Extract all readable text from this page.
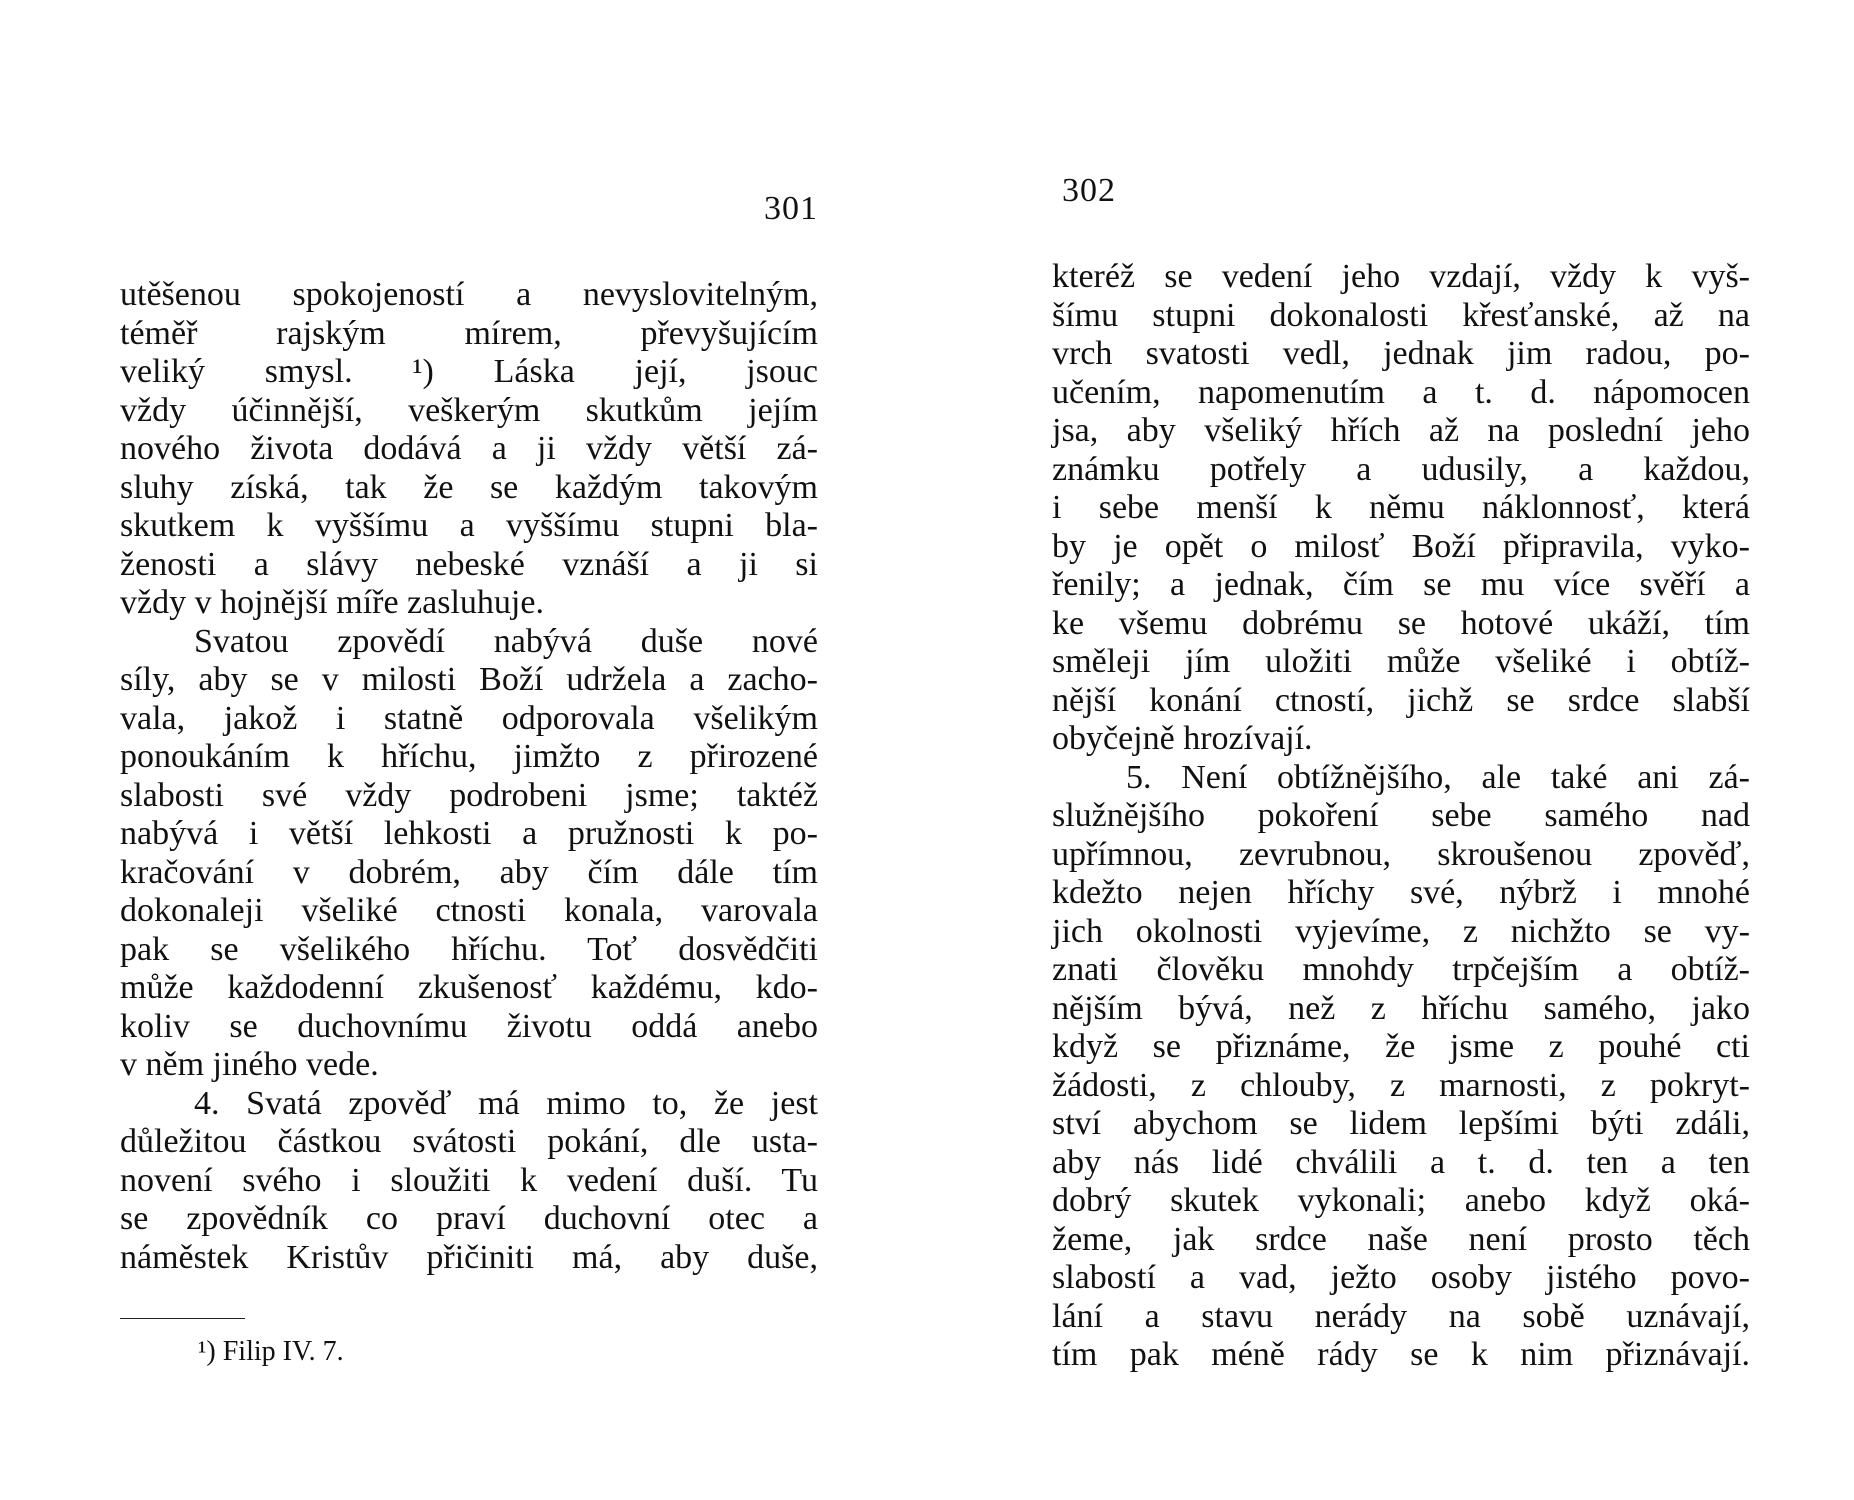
301
utěšenou spokojeností a nevyslovitelným,
téměř rajským mírem, převyšujícím
veliký smysl. ¹) Láska její, jsouc
vždy účinnější, veškerým skutkům jejím
nového života dodává a ji vždy větší zá-
sluhy získá, tak že se každým takovým
skutkem k vyššímu a vyššímu stupni bla-
ženosti a slávy nebeské vznáší a ji si
vždy v hojnější míře zasluhuje.
Svatou zpovědí nabývá duše nové
síly, aby se v milosti Boží udržela a zacho-
vala, jakož i statně odporovala všelikým
ponoukáním k hříchu, jimžto z přirozené
slabosti své vždy podrobeni jsme; taktéž
nabývá i větší lehkosti a pružnosti k po-
kračování v dobrém, aby čím dále tím
dokonaleji všeliké ctnosti konala, varovala
pak se všelikého hříchu. Toť dosvědčiti
může každodenní zkušenosť každému, kdo-
koliv se duchovnímu životu oddá anebo
v něm jiného vede.
4. Svatá zpověď má mimo to, že jest
důležitou částkou svátosti pokání, dle usta-
novení svého i sloužiti k vedení duší. Tu
se zpovědník co praví duchovní otec a
náměstek Kristův přičiniti má, aby duše,
¹) Filip IV. 7.
302
kteréž se vedení jeho vzdají, vždy k vyš-
šímu stupni dokonalosti křesťanské, až na
vrch svatosti vedl, jednak jim radou, po-
učením, napomenutím a t. d. nápomocen
jsa, aby všeliký hřích až na poslední jeho
známku potřely a udusily, a každou,
i sebe menší k němu náklonnosť, která
by je opět o milosť Boží připravila, vyko-
řenily; a jednak, čím se mu více svěří a
ke všemu dobrému se hotové ukáží, tím
směleji jím uložiti může všeliké i obtíž-
nější konání ctností, jichž se srdce slabší
obyčejně hrozívají.
5. Není obtížnějšího, ale také ani zá-
služnějšího pokoření sebe samého nad
upřímnou, zevrubnou, skroušenou zpověď,
kdežto nejen hříchy své, nýbrž i mnohé
jich okolnosti vyjevíme, z nichžto se vy-
znati člověku mnohdy trpčejším a obtíž-
nějším bývá, než z hříchu samého, jako
když se přiznáme, že jsme z pouhé cti
žádosti, z chlouby, z marnosti, z pokryt-
ství abychom se lidem lepšími býti zdáli,
aby nás lidé chválili a t. d. ten a ten
dobrý skutek vykonali; anebo když oká-
žeme, jak srdce naše není prosto těch
slabostí a vad, ježto osoby jistého povo-
lání a stavu nerády na sobě uznávají,
tím pak méně rády se k nim přiznávají.
